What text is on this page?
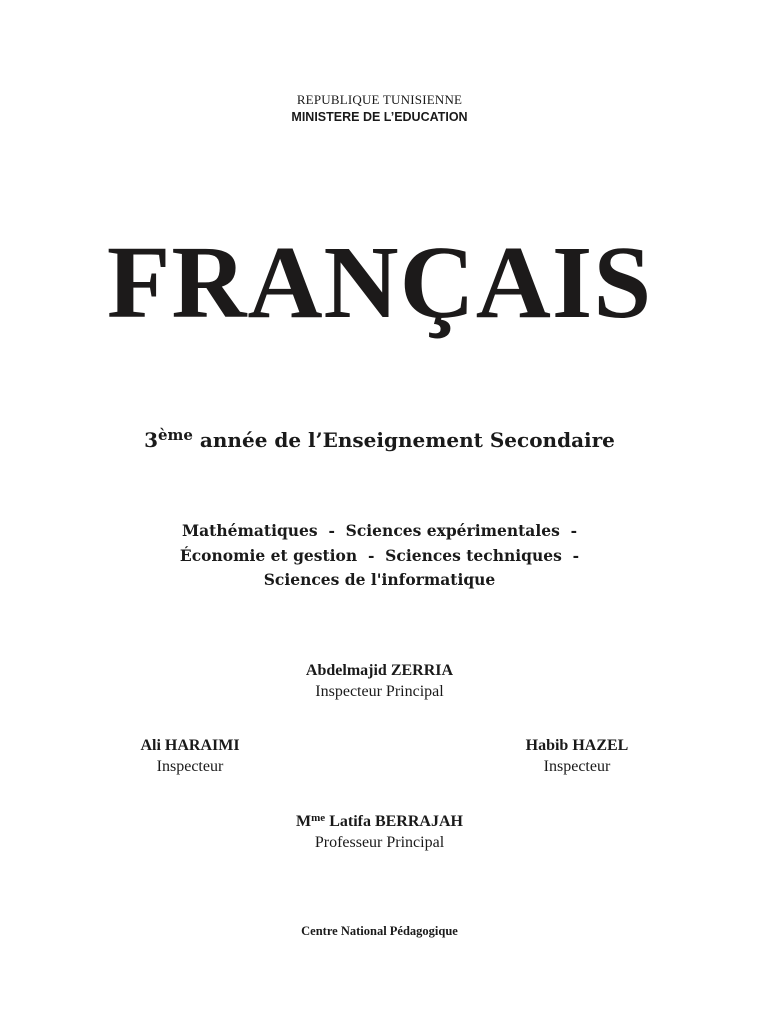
REPUBLIQUE TUNISIENNE
MINISTERE DE L’EDUCATION
FRANÇAIS
3ème année de l’Enseignement Secondaire
Mathématiques  -  Sciences expérimentales  -
Économie et gestion  -  Sciences techniques  -
Sciences de l'informatique
Abdelmajid ZERRIA
Inspecteur Principal
Ali HARAIMI
Inspecteur
Habib HAZEL
Inspecteur
$M^{me}$ Latifa BERRAJAH
Professeur Principal
Centre National Pédagogique
